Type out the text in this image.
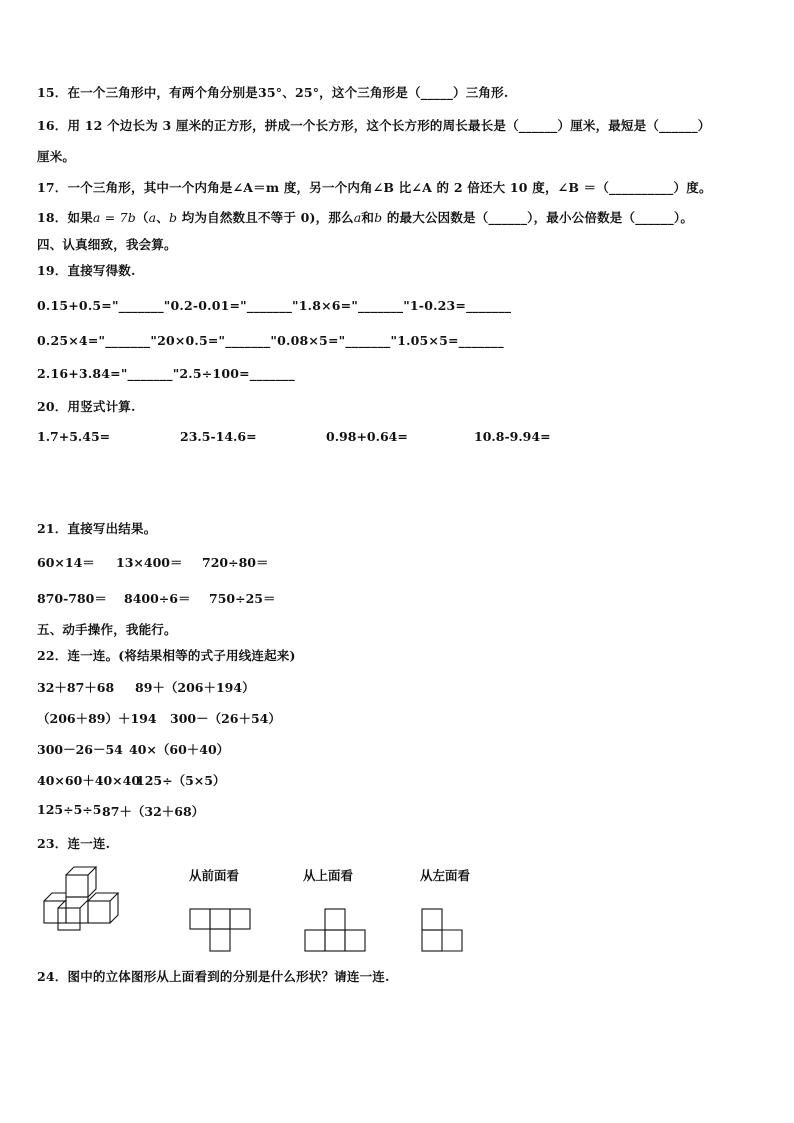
15．在一个三角形中，有两个角分别是35°、25°，这个三角形是（_____）三角形.
16．用 12 个边长为 3 厘米的正方形，拼成一个长方形，这个长方形的周长最长是（______）厘米，最短是（______）
厘米。
17．一个三角形，其中一个内角是∠A＝m 度，另一个内角∠B 比∠A 的 2 倍还大 10 度，∠B ＝（__________）度。
18．如果a = 7b（a、b 均为自然数且不等于 0)，那么a和b 的最大公因数是（______），最小公倍数是（______）。
四、认真细致，我会算。
19．直接写得数.
0.15+0.5="_______"0.2-0.01="_______"1.8×6="_______"1-0.23=_______
0.25×4="_______"20×0.5="_______"0.08×5="_______"1.05×5=_______
2.16+3.84="_______"2.5÷100=_______
20．用竖式计算.
1.7+5.45=	23.5-14.6=	0.98+0.64=	10.8-9.94=
21．直接写出结果。
60×14＝ 13×400＝ 720÷80＝
870-780＝ 8400÷6＝ 750÷25＝
五、动手操作，我能行。
22．连一连。(将结果相等的式子用线连起来)
32＋87＋68 89＋（206＋194）
（206＋89）＋194 300－（26＋54）
300－26－54 40×（60＋40）
40×60＋40×40
125÷（5×5）
125÷5÷5 87＋（32＋68）
23．连一连.
从前面看	从上面看	从左面看
24．图中的立体图形从上面看到的分别是什么形状？请连一连.
